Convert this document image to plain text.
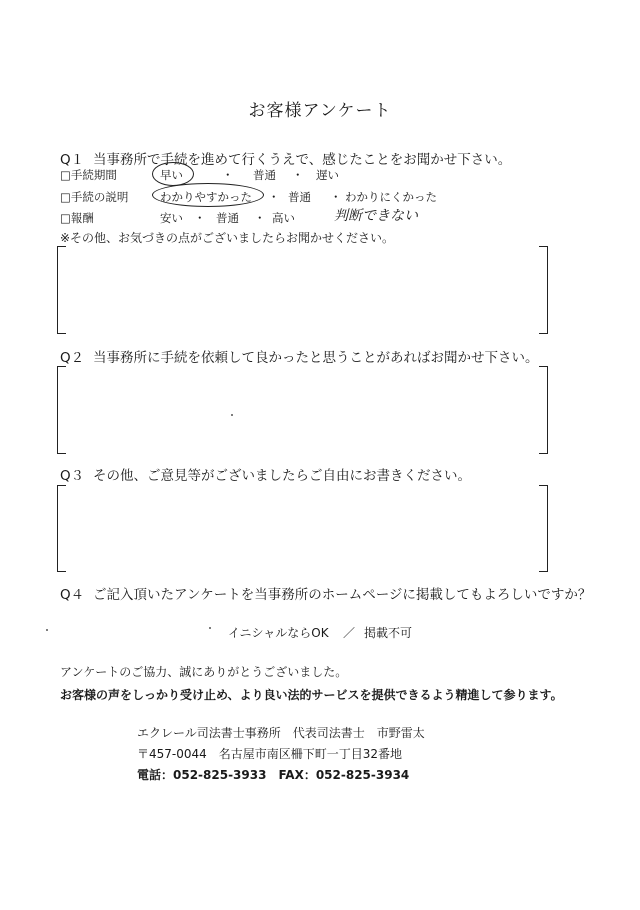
お客様アンケート
Q１ 当事務所で手続を進めて行くうえで、感じたことをお聞かせ下さい。
□手続期間	早い	・ 普通 ・ 遅い
□手続の説明	わかりやすかった ・ 普通 ・ わかりにくかった
□報酬	安い ・ 普通 ・ 高い	判断できない
※その他、お気づきの点がございましたらお聞かせください。
Q２ 当事務所に手続を依頼して良かったと思うことがあればお聞かせ下さい。
Q３ その他、ご意見等がございましたらご自由にお書きください。
Q４ ご記入頂いたアンケートを当事務所のホームページに掲載してもよろしいですか？
イニシャルならOK ／ 掲載不可
アンケートのご協力、誠にありがとうございました。
お客様の声をしっかり受け止め、より良い法的サービスを提供できるよう精進して参ります。
エクレール司法書士事務所　代表司法書士　市野雷太
〒457-0044　名古屋市南区柵下町一丁目32番地
電話：052-825-3933　FAX：052-825-3934
